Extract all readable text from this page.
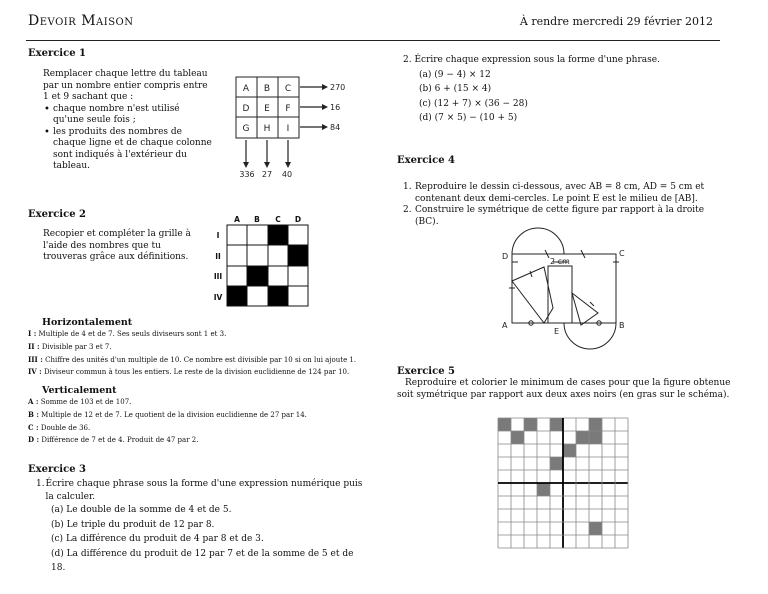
Devoir Maison	À rendre mercredi 29 février 2012
Exercice 1
Remplacer chaque lettre du tableau par un nombre entier compris entre 1 et 9 sachant que :
• chaque nombre n'est utilisé qu'une seule fois ;
• les produits des nombres de chaque ligne et de chaque colonne sont indiqués à l'extérieur du tableau.
A B C
D E F
G H I
270
16
84
336 27 40
Exercice 2
Recopier et compléter la grille à l'aide des nombres que tu trouveras grâce aux définitions.
A B C D
I
II
III
IV
Horizontalement
I : Multiple de 4 et de 7. Ses seuls diviseurs sont 1 et 3.
II : Divisible par 3 et 7.
III : Chiffre des unités d'un multiple de 10. Ce nombre est divisible par 10 si on lui ajoute 1.
IV : Diviseur commun à tous les entiers. Le reste de la division euclidienne de 124 par 10.
Verticalement
A : Somme de 103 et de 107.
B : Multiple de 12 et de 7. Le quotient de la division euclidienne de 27 par 14.
C : Double de 36.
D : Différence de 7 et de 4. Produit de 47 par 2.
Exercice 3
1. Écrire chaque phrase sous la forme d'une expression numérique puis la calculer.
(a) Le double de la somme de 4 et de 5.
(b) Le triple du produit de 12 par 8.
(c) La différence du produit de 4 par 8 et de 3.
(d) La différence du produit de 12 par 7 et de la somme de 5 et de 18.
2. Écrire chaque expression sous la forme d'une phrase.
(a) (9 − 4) × 12
(b) 6 + (15 × 4)
(c) (12 + 7) × (36 − 28)
(d) (7 × 5) − (10 + 5)
Exercice 4
1. Reproduire le dessin ci-dessous, avec AB = 8 cm, AD = 5 cm et contenant deux demi-cercles. Le point E est le milieu de [AB].
2. Construire le symétrique de cette figure par rapport à la droite (BC).
D	C
A	B
E
2 cm
Exercice 5
Reproduire et colorier le minimum de cases pour que la figure obtenue soit symétrique par rapport aux deux axes noirs (en gras sur le schéma).
